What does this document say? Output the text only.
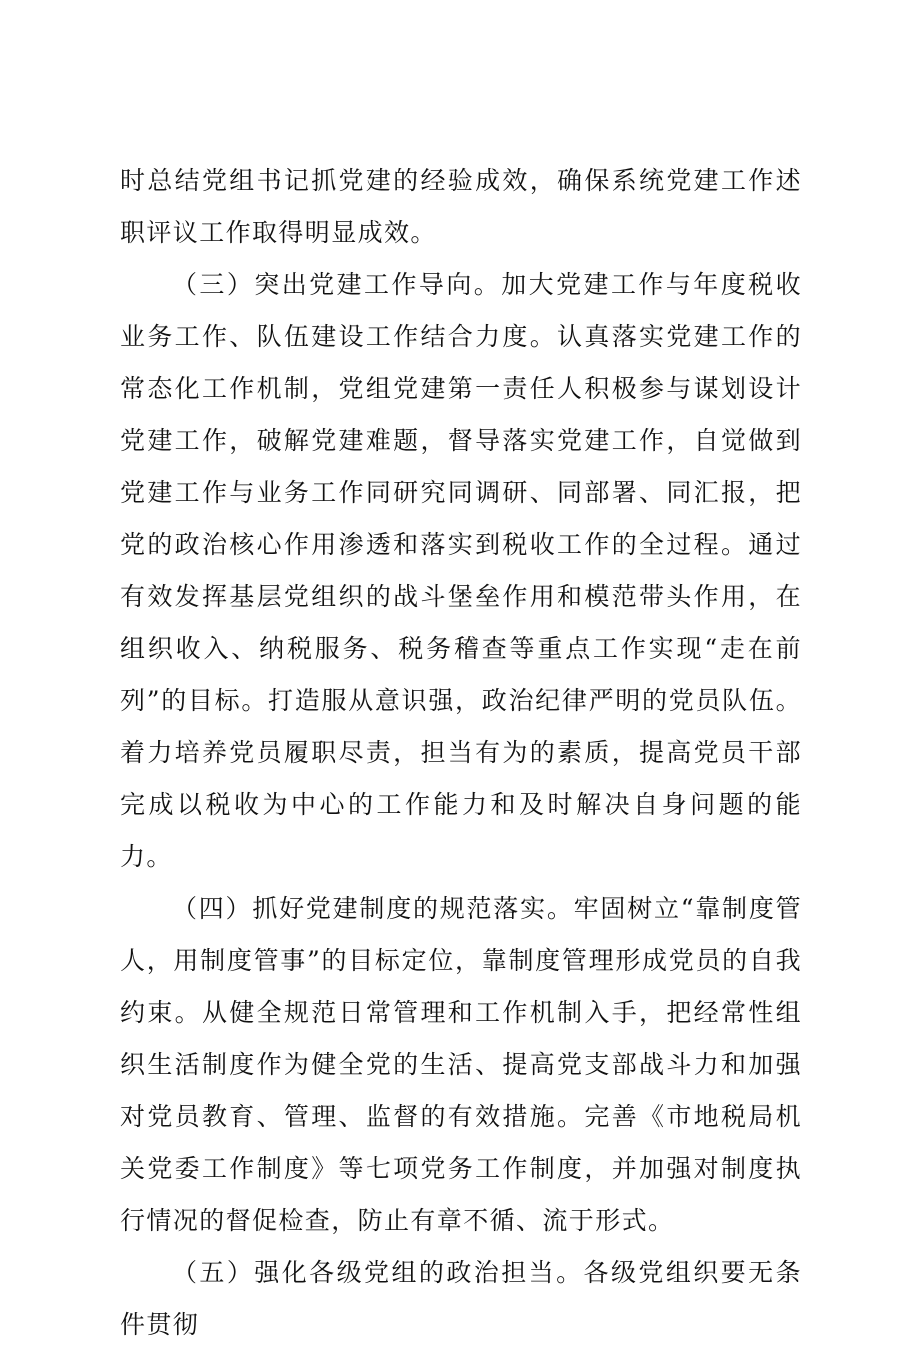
时总结党组书记抓党建的经验成效，确保系统党建工作述职评议工作取得明显成效。

（三）突出党建工作导向。加大党建工作与年度税收业务工作、队伍建设工作结合力度。认真落实党建工作的常态化工作机制，党组党建第一责任人积极参与谋划设计党建工作，破解党建难题，督导落实党建工作，自觉做到党建工作与业务工作同研究同调研、同部署、同汇报，把党的政治核心作用渗透和落实到税收工作的全过程。通过有效发挥基层党组织的战斗堡垒作用和模范带头作用，在组织收入、纳税服务、税务稽查等重点工作实现“走在前列”的目标。打造服从意识强，政治纪律严明的党员队伍。着力培养党员履职尽责，担当有为的素质，提高党员干部完成以税收为中心的工作能力和及时解决自身问题的能力。

（四）抓好党建制度的规范落实。牢固树立“靠制度管人，用制度管事”的目标定位，靠制度管理形成党员的自我约束。从健全规范日常管理和工作机制入手，把经常性组织生活制度作为健全党的生活、提高党支部战斗力和加强对党员教育、管理、监督的有效措施。完善《市地税局机关党委工作制度》等七项党务工作制度，并加强对制度执行情况的督促检查，防止有章不循、流于形式。

（五）强化各级党组的政治担当。各级党组织要无条件贯彻
